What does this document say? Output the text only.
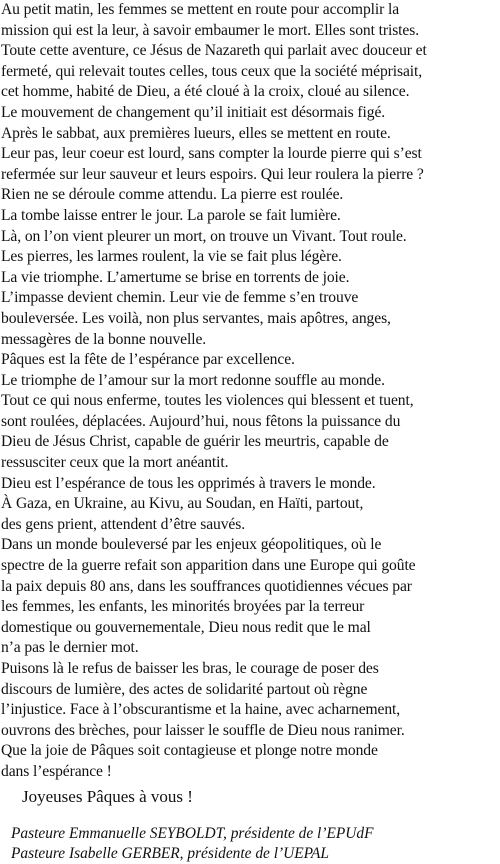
Au petit matin, les femmes se mettent en route pour accomplir la
mission qui est la leur, à savoir embaumer le mort. Elles sont tristes.
Toute cette aventure, ce Jésus de Nazareth qui parlait avec douceur et
fermeté, qui relevait toutes celles, tous ceux que la société méprisait,
cet homme, habité de Dieu, a été cloué à la croix, cloué au silence.
Le mouvement de changement qu’il initiait est désormais figé.
Après le sabbat, aux premières lueurs, elles se mettent en route.
Leur pas, leur coeur est lourd, sans compter la lourde pierre qui s’est
refermée sur leur sauveur et leurs espoirs. Qui leur roulera la pierre ?
Rien ne se déroule comme attendu. La pierre est roulée.
La tombe laisse entrer le jour. La parole se fait lumière.
Là, on l’on vient pleurer un mort, on trouve un Vivant. Tout roule.
Les pierres, les larmes roulent, la vie se fait plus légère.
La vie triomphe. L’amertume se brise en torrents de joie.
L’impasse devient chemin. Leur vie de femme s’en trouve
bouleversée. Les voilà, non plus servantes, mais apôtres, anges,
messagères de la bonne nouvelle.
Pâques est la fête de l’espérance par excellence.
Le triomphe de l’amour sur la mort redonne souffle au monde.
Tout ce qui nous enferme, toutes les violences qui blessent et tuent,
sont roulées, déplacées. Aujourd’hui, nous fêtons la puissance du
Dieu de Jésus Christ, capable de guérir les meurtris, capable de
ressusciter ceux que la mort anéantit.
Dieu est l’espérance de tous les opprimés à travers le monde.
À Gaza, en Ukraine, au Kivu, au Soudan, en Haïti, partout,
des gens prient, attendent d’être sauvés.
Dans un monde bouleversé par les enjeux géopolitiques, où le
spectre de la guerre refait son apparition dans une Europe qui goûte
la paix depuis 80 ans, dans les souffrances quotidiennes vécues par
les femmes, les enfants, les minorités broyées par la terreur
domestique ou gouvernementale, Dieu nous redit que le mal
n’a pas le dernier mot.
Puisons là le refus de baisser les bras, le courage de poser des
discours de lumière, des actes de solidarité partout où règne
l’injustice. Face à l’obscurantisme et la haine, avec acharnement,
ouvrons des brèches, pour laisser le souffle de Dieu nous ranimer.
Que la joie de Pâques soit contagieuse et plonge notre monde
dans l’espérance !

Joyeuses Pâques à vous !

Pasteure Emmanuelle SEYBOLDT, présidente de l’EPUdF
Pasteure Isabelle GERBER, présidente de l’UEPAL
